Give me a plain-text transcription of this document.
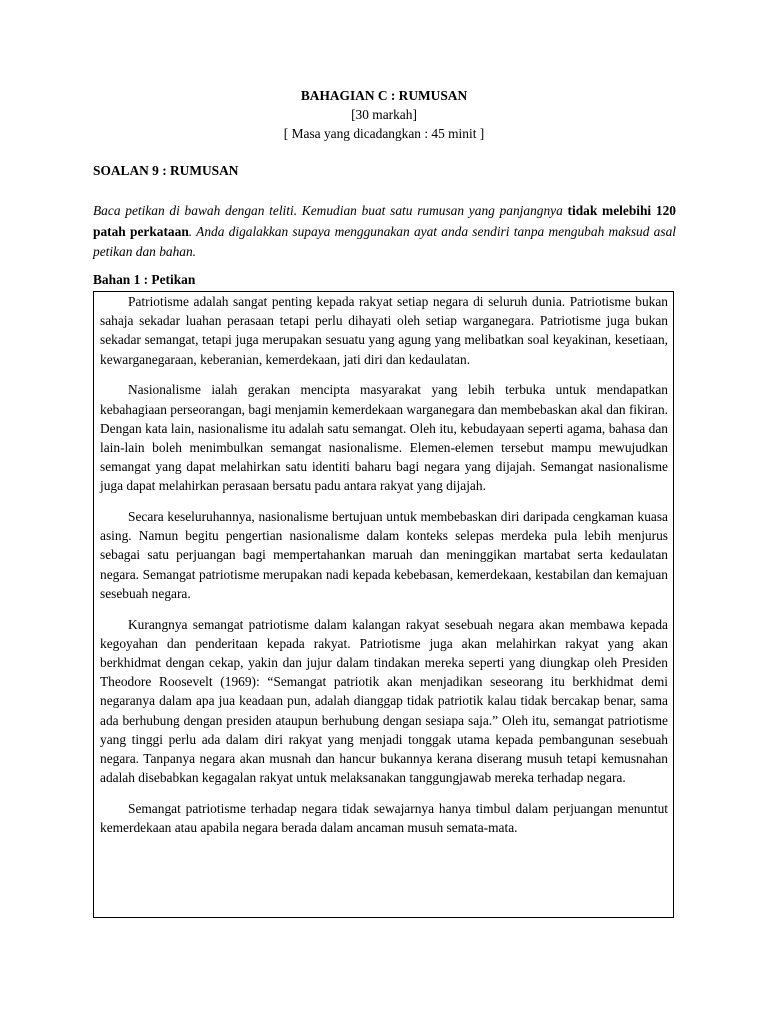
BAHAGIAN C : RUMUSAN
[30 markah]
[ Masa yang dicadangkan : 45 minit ]
SOALAN 9 : RUMUSAN
Baca petikan di bawah dengan teliti. Kemudian buat satu rumusan yang panjangnya tidak melebihi 120 patah perkataan. Anda digalakkan supaya menggunakan ayat anda sendiri tanpa mengubah maksud asal petikan dan bahan.
Bahan 1 : Petikan

Patriotisme adalah sangat penting kepada rakyat setiap negara di seluruh dunia. Patriotisme bukan sahaja sekadar luahan perasaan tetapi perlu dihayati oleh setiap warganegara. Patriotisme juga bukan sekadar semangat, tetapi juga merupakan sesuatu yang agung yang melibatkan soal keyakinan, kesetiaan, kewarganegaraan, keberanian, kemerdekaan, jati diri dan kedaulatan.

Nasionalisme ialah gerakan mencipta masyarakat yang lebih terbuka untuk mendapatkan kebahagiaan perseorangan, bagi menjamin kemerdekaan warganegara dan membebaskan akal dan fikiran. Dengan kata lain, nasionalisme itu adalah satu semangat. Oleh itu, kebudayaan seperti agama, bahasa dan lain-lain boleh menimbulkan semangat nasionalisme. Elemen-elemen tersebut mampu mewujudkan semangat yang dapat melahirkan satu identiti baharu bagi negara yang dijajah. Semangat nasionalisme juga dapat melahirkan perasaan bersatu padu antara rakyat yang dijajah.

Secara keseluruhannya, nasionalisme bertujuan untuk membebaskan diri daripada cengkaman kuasa asing. Namun begitu pengertian nasionalisme dalam konteks selepas merdeka pula lebih menjurus sebagai satu perjuangan bagi mempertahankan maruah dan meninggikan martabat serta kedaulatan negara. Semangat patriotisme merupakan nadi kepada kebebasan, kemerdekaan, kestabilan dan kemajuan sesebuah negara.

Kurangnya semangat patriotisme dalam kalangan rakyat sesebuah negara akan membawa kepada kegoyahan dan penderitaan kepada rakyat. Patriotisme juga akan melahirkan rakyat yang akan berkhidmat dengan cekap, yakin dan jujur dalam tindakan mereka seperti yang diungkap oleh Presiden Theodore Roosevelt (1969): “Semangat patriotik akan menjadikan seseorang itu berkhidmat demi negaranya dalam apa jua keadaan pun, adalah dianggap tidak patriotik kalau tidak bercakap benar, sama ada berhubung dengan presiden ataupun berhubung dengan sesiapa saja.” Oleh itu, semangat patriotisme yang tinggi perlu ada dalam diri rakyat yang menjadi tonggak utama kepada pembangunan sesebuah negara. Tanpanya negara akan musnah dan hancur bukannya kerana diserang musuh tetapi kemusnahan adalah disebabkan kegagalan rakyat untuk melaksanakan tanggungjawab mereka terhadap negara.

Semangat patriotisme terhadap negara tidak sewajarnya hanya timbul dalam perjuangan menuntut kemerdekaan atau apabila negara berada dalam ancaman musuh semata-mata.
